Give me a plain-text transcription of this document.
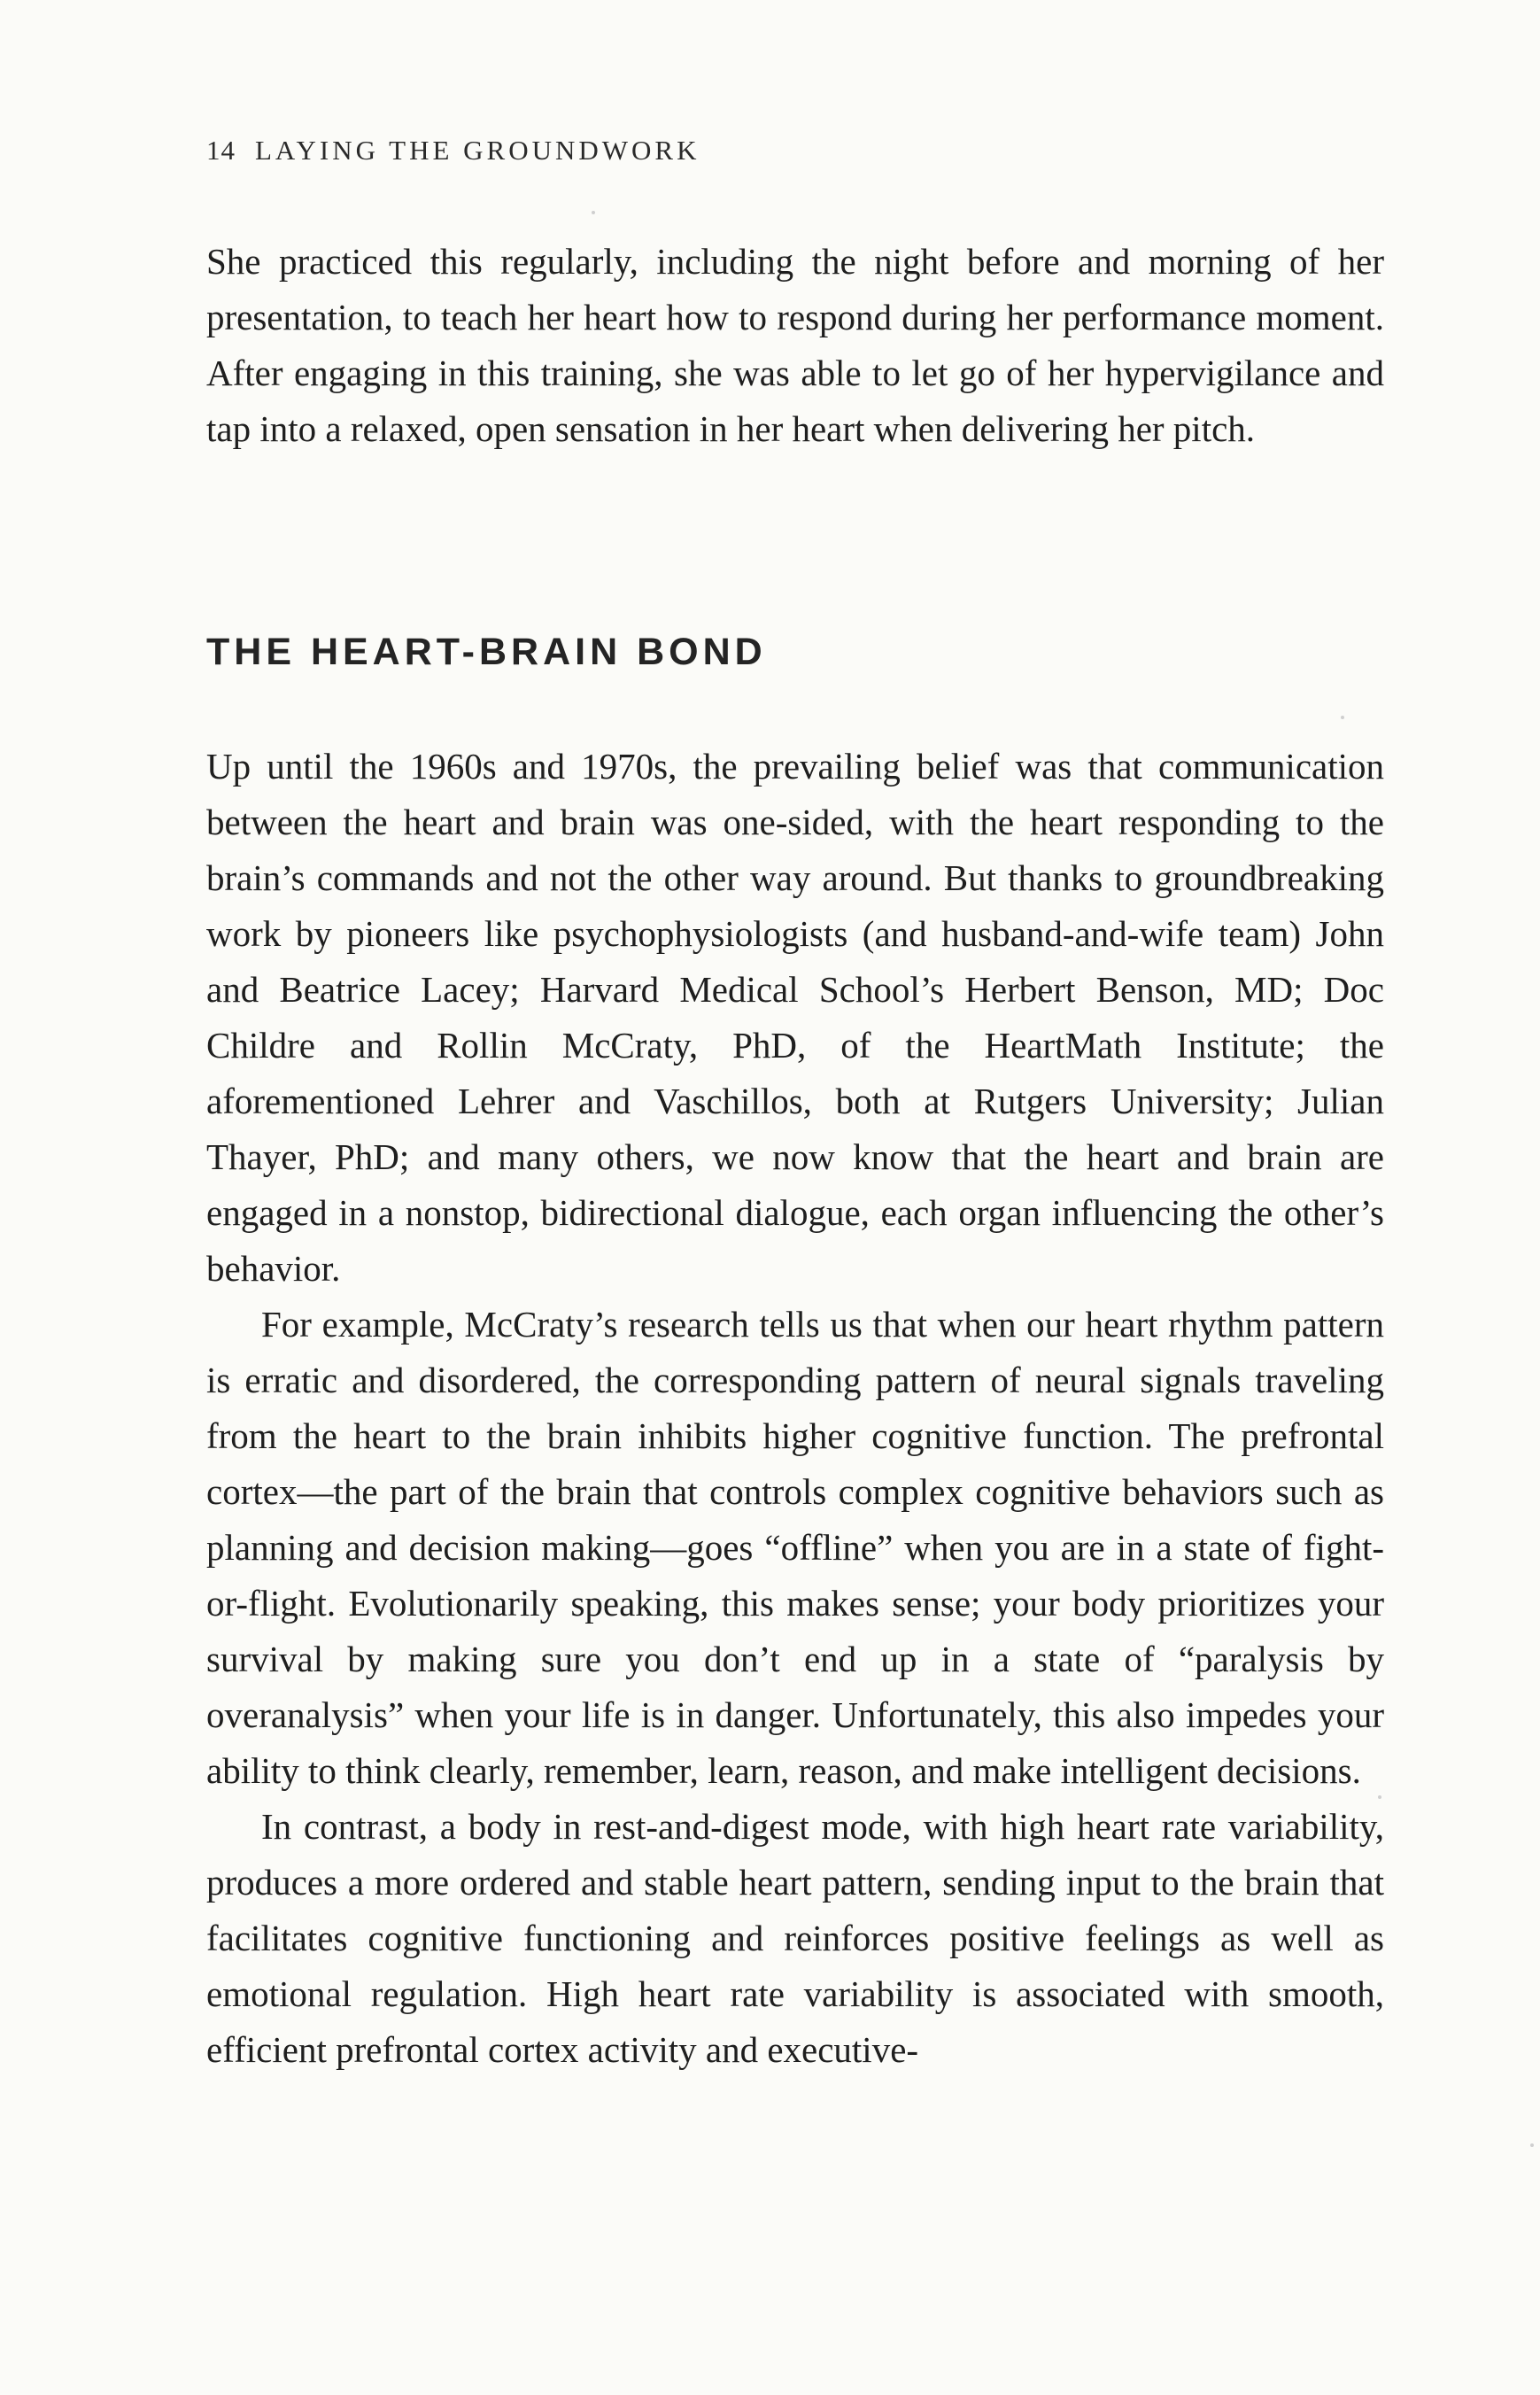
14 LAYING THE GROUNDWORK

She practiced this regularly, including the night before and morning of her presentation, to teach her heart how to respond during her performance moment. After engaging in this training, she was able to let go of her hypervigilance and tap into a relaxed, open sensation in her heart when delivering her pitch.

THE HEART-BRAIN BOND

Up until the 1960s and 1970s, the prevailing belief was that communication between the heart and brain was one-sided, with the heart responding to the brain’s commands and not the other way around. But thanks to groundbreaking work by pioneers like psychophysiologists (and husband-and-wife team) John and Beatrice Lacey; Harvard Medical School’s Herbert Benson, MD; Doc Childre and Rollin McCraty, PhD, of the HeartMath Institute; the aforementioned Lehrer and Vaschillos, both at Rutgers University; Julian Thayer, PhD; and many others, we now know that the heart and brain are engaged in a nonstop, bidirectional dialogue, each organ influencing the other’s behavior.

For example, McCraty’s research tells us that when our heart rhythm pattern is erratic and disordered, the corresponding pattern of neural signals traveling from the heart to the brain inhibits higher cognitive function. The prefrontal cortex—the part of the brain that controls complex cognitive behaviors such as planning and decision making—goes “offline” when you are in a state of fight-or-flight. Evolutionarily speaking, this makes sense; your body prioritizes your survival by making sure you don’t end up in a state of “paralysis by overanalysis” when your life is in danger. Unfortunately, this also impedes your ability to think clearly, remember, learn, reason, and make intelligent decisions.

In contrast, a body in rest-and-digest mode, with high heart rate variability, produces a more ordered and stable heart pattern, sending input to the brain that facilitates cognitive functioning and reinforces positive feelings as well as emotional regulation. High heart rate variability is associated with smooth, efficient prefrontal cortex activity and executive-
